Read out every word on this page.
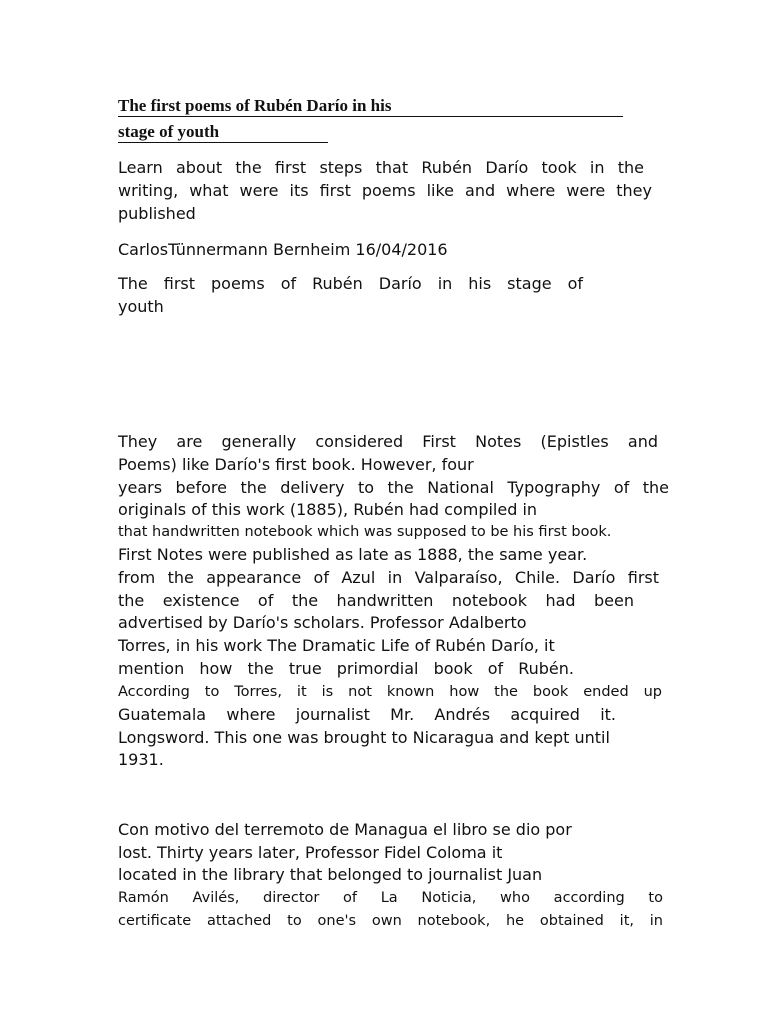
The first poems of Rubén Darío in his
stage of youth
Learn about the first steps that Rubén Darío took in the
writing, what were its first poems like and where were they
published
CarlosTünnermann Bernheim 16/04/2016
The first poems of Rubén Darío in his stage of
youth
They are generally considered First Notes (Epistles and
Poems) like Darío's first book. However, four
years before the delivery to the National Typography of the
originals of this work (1885), Rubén had compiled in
that handwritten notebook which was supposed to be his first book.
First Notes were published as late as 1888, the same year.
from the appearance of Azul in Valparaíso, Chile. Darío first
the existence of the handwritten notebook had been
advertised by Darío's scholars. Professor Adalberto
Torres, in his work The Dramatic Life of Rubén Darío, it
mention how the true primordial book of Rubén.
According to Torres, it is not known how the book ended up
Guatemala where journalist Mr. Andrés acquired it.
Longsword. This one was brought to Nicaragua and kept until
1931.
Con motivo del terremoto de Managua el libro se dio por
lost. Thirty years later, Professor Fidel Coloma it
located in the library that belonged to journalist Juan
Ramón Avilés, director of La Noticia, who according to
certificate attached to one's own notebook, he obtained it, in
